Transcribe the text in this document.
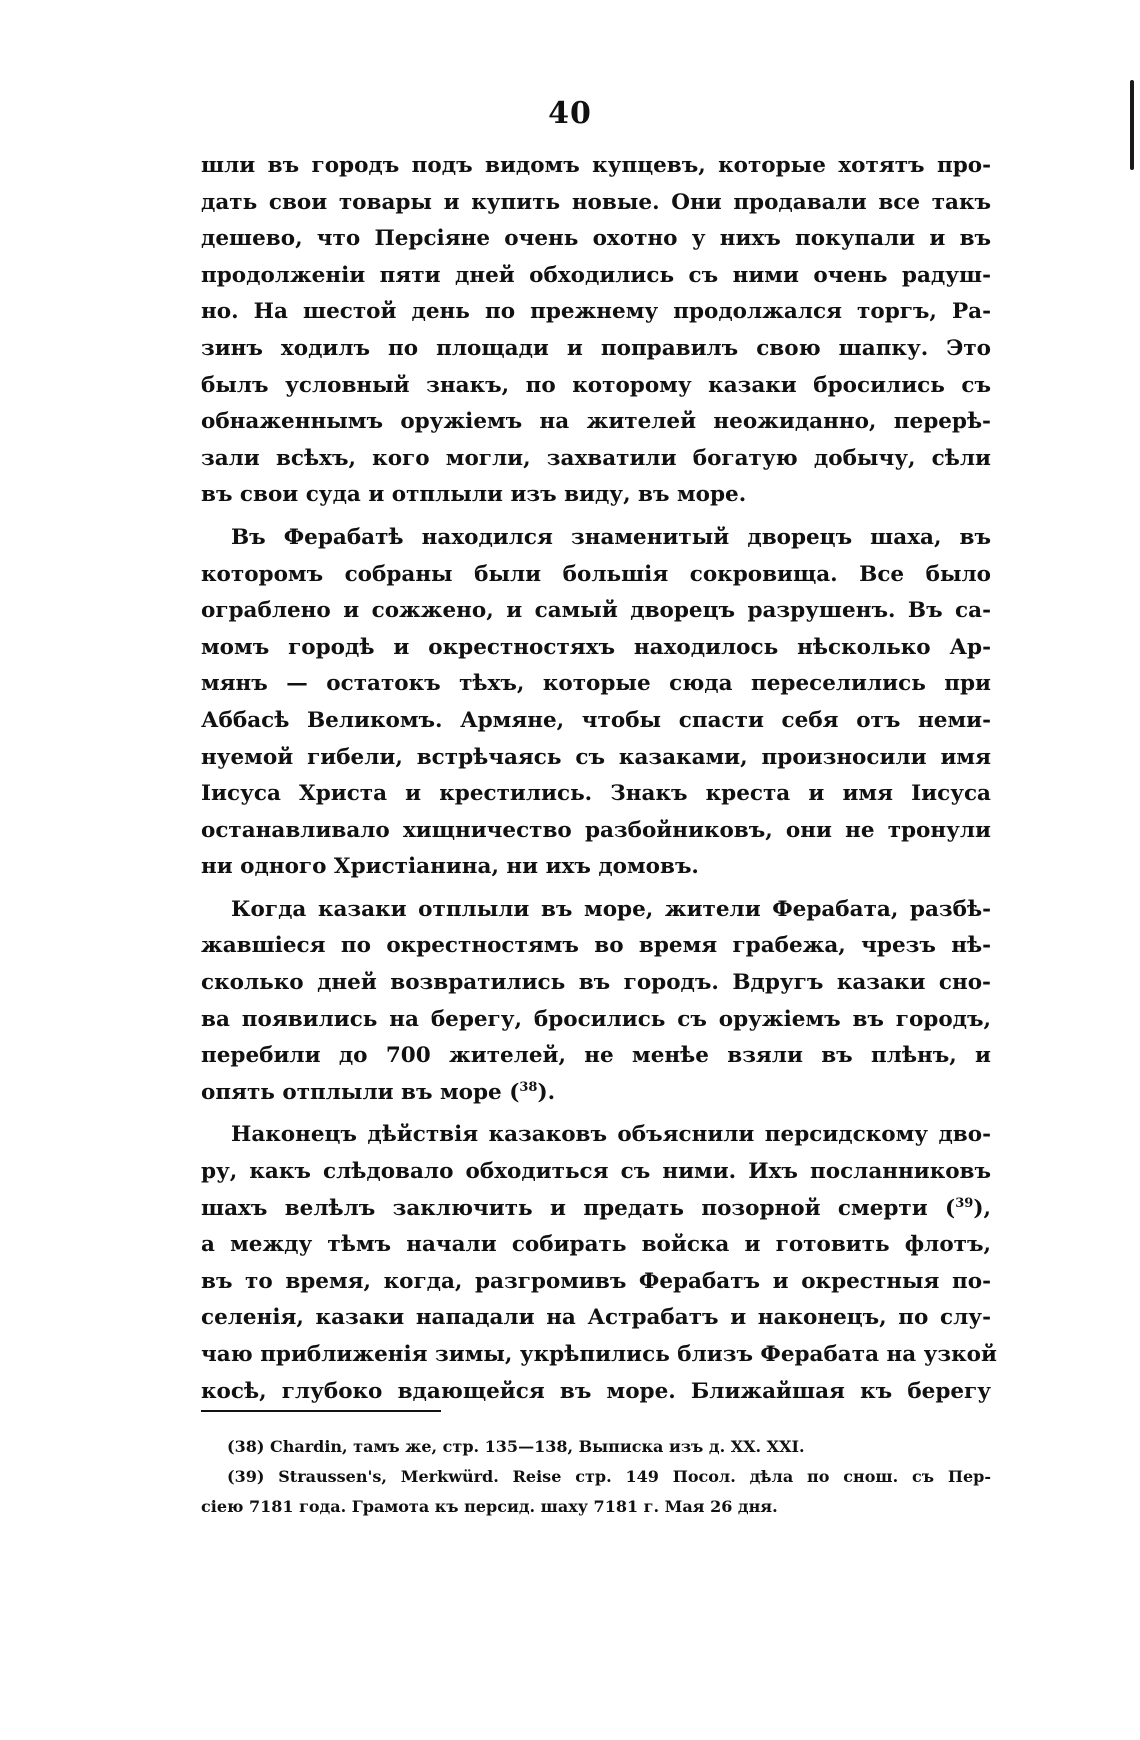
40
шли въ городъ подъ видомъ купцевъ, которые хотятъ про-
дать свои товары и купить новые. Они продавали все такъ
дешево, что Персіяне очень охотно у нихъ покупали и въ
продолженіи пяти дней обходились съ ними очень радуш-
но. На шестой день по прежнему продолжался торгъ, Ра-
зинъ ходилъ по площади и поправилъ свою шапку. Это
былъ условный знакъ, по которому казаки бросились съ
обнаженнымъ оружіемъ на жителей неожиданно, перерѣ-
зали всѣхъ, кого могли, захватили богатую добычу, сѣли
въ свои суда и отплыли изъ виду, въ море.
Въ Ферабатѣ находился знаменитый дворецъ шаха, въ
которомъ собраны были большія сокровища. Все было
ограблено и сожжено, и самый дворецъ разрушенъ. Въ са-
момъ городѣ и окрестностяхъ находилось нѣсколько Ар-
мянъ — остатокъ тѣхъ, которые сюда переселились при
Аббасѣ Великомъ. Армяне, чтобы спасти себя отъ неми-
нуемой гибели, встрѣчаясь съ казаками, произносили имя
Іисуса Христа и крестились. Знакъ креста и имя Іисуса
останавливало хищничество разбойниковъ, они не тронули
ни одного Христіанина, ни ихъ домовъ.
Когда казаки отплыли въ море, жители Ферабата, разбѣ-
жавшіеся по окрестностямъ во время грабежа, чрезъ нѣ-
сколько дней возвратились въ городъ. Вдругъ казаки сно-
ва появились на берегу, бросились съ оружіемъ въ городъ,
перебили до 700 жителей, не менѣе взяли въ плѣнъ, и
опять отплыли въ море ($^{38}$).
Наконецъ дѣйствія казаковъ объяснили персидскому дво-
ру, какъ слѣдовало обходиться съ ними. Ихъ посланниковъ
шахъ велѣлъ заключить и предать позорной смерти ($^{39}$),
а между тѣмъ начали собирать войска и готовить флотъ,
въ то время, когда, разгромивъ Ферабатъ и окрестныя по-
селенія, казаки нападали на Астрабатъ и наконецъ, по слу-
чаю приближенія зимы, укрѣпились близъ Ферабата на узкой
косѣ, глубоко вдающейся въ море. Ближайшая къ берегу
(38) Chardin, тамъ же, стр. 135—138, Выписка изъ д. XX. XXI.
(39) Straussen's, Merkwürd. Reise стр. 149 Посол. дѣла по снош. съ Пер-
сіею 7181 года. Грамота къ персид. шаху 7181 г. Мая 26 дня.
